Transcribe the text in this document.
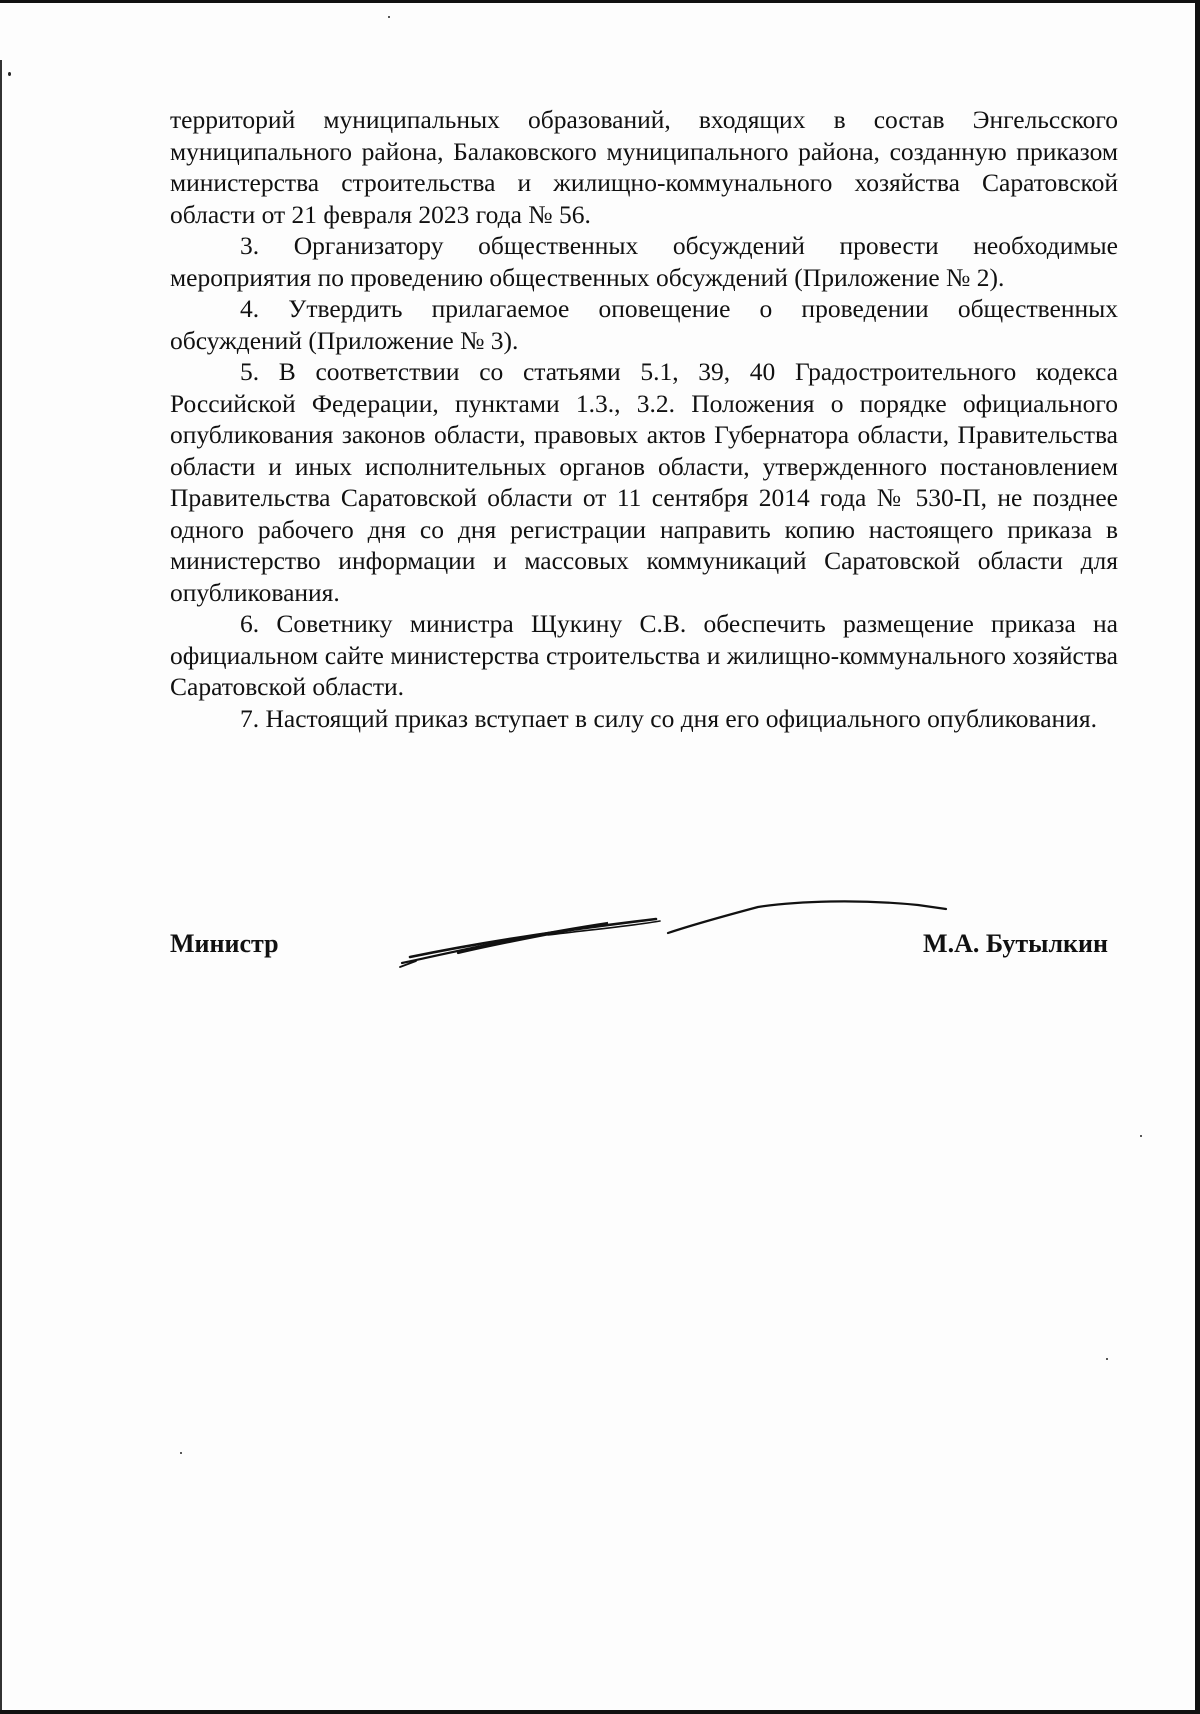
территорий муниципальных образований, входящих в состав Энгельсского муниципального района, Балаковского муниципального района, созданную приказом министерства строительства и жилищно-коммунального хозяйства Саратовской области от 21 февраля 2023 года № 56.

3. Организатору общественных обсуждений провести необходимые мероприятия по проведению общественных обсуждений (Приложение № 2).

4. Утвердить прилагаемое оповещение о проведении общественных обсуждений (Приложение № 3).

5. В соответствии со статьями 5.1, 39, 40 Градостроительного кодекса Российской Федерации, пунктами 1.3., 3.2. Положения о порядке официального опубликования законов области, правовых актов Губернатора области, Правительства области и иных исполнительных органов области, утвержденного постановлением Правительства Саратовской области от 11 сентября 2014 года № 530-П, не позднее одного рабочего дня со дня регистрации направить копию настоящего приказа в министерство информации и массовых коммуникаций Саратовской области для опубликования.

6. Советнику министра Щукину С.В. обеспечить размещение приказа на официальном сайте министерства строительства и жилищно-коммунального хозяйства Саратовской области.

7. Настоящий приказ вступает в силу со дня его официального опубликования.

Министр	М.А. Бутылкин
